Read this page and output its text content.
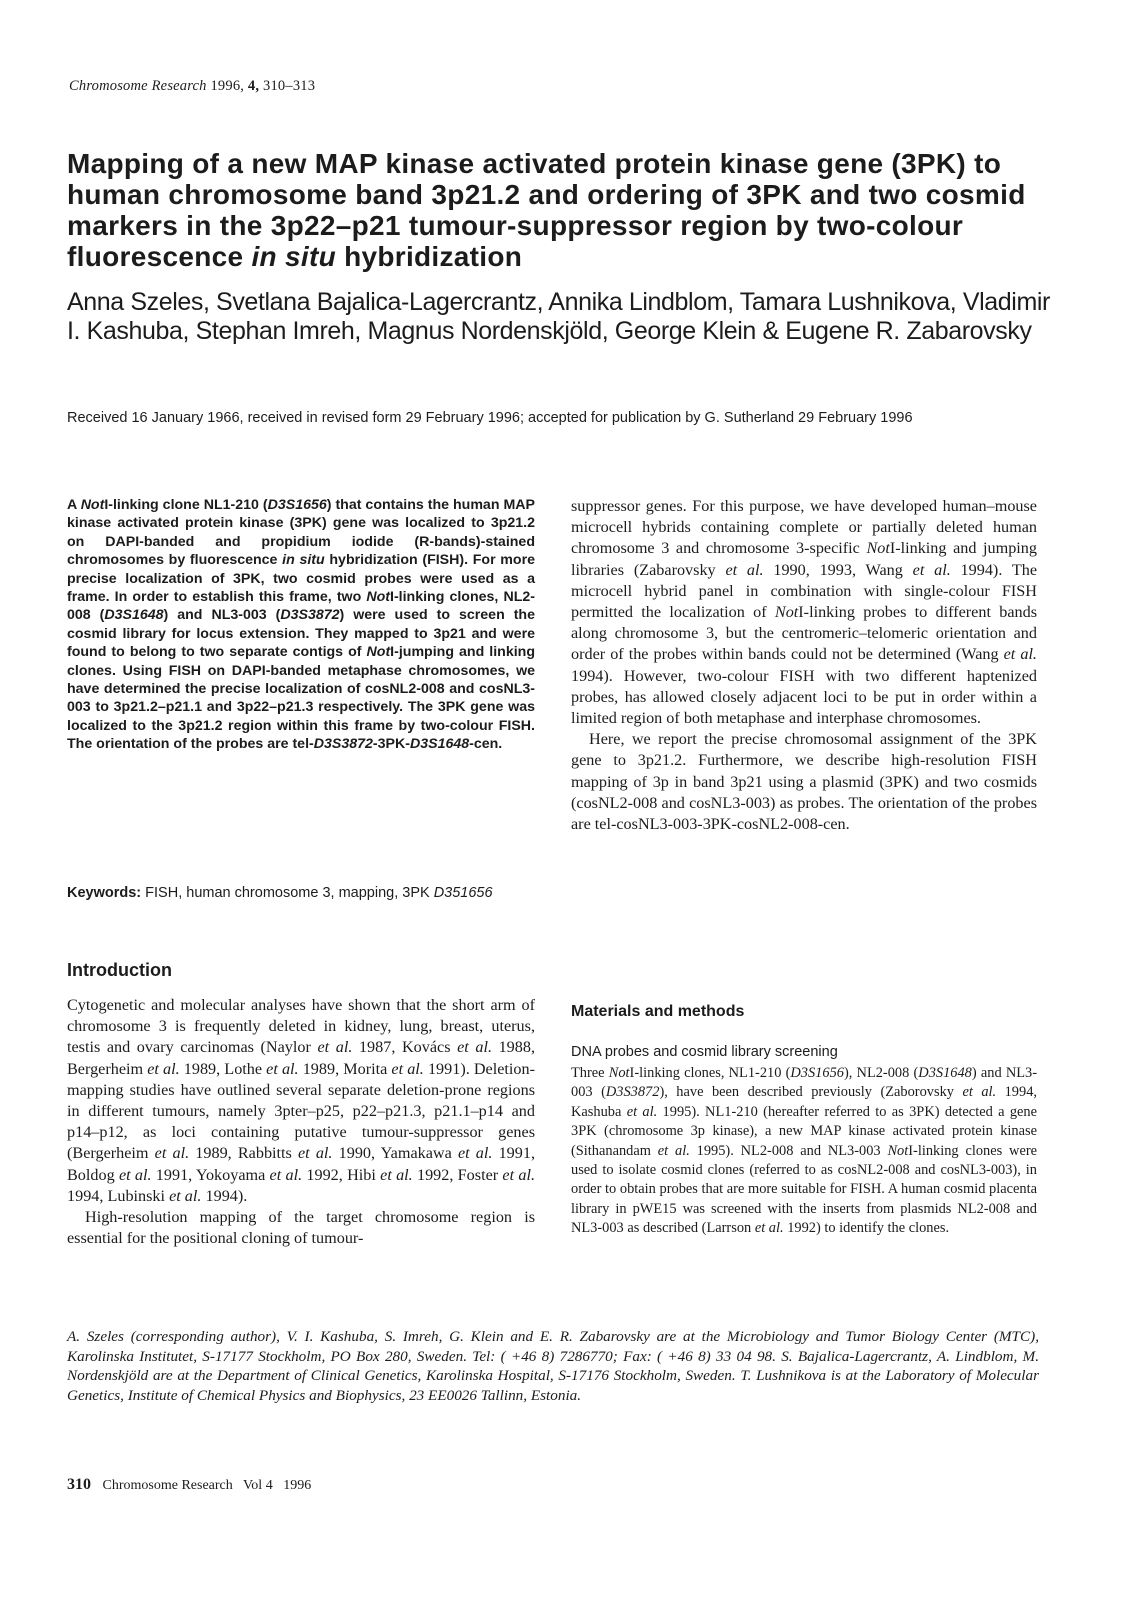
Chromosome Research 1996, 4, 310–313
Mapping of a new MAP kinase activated protein kinase gene (3PK) to human chromosome band 3p21.2 and ordering of 3PK and two cosmid markers in the 3p22–p21 tumour-suppressor region by two-colour fluorescence in situ hybridization
Anna Szeles, Svetlana Bajalica-Lagercrantz, Annika Lindblom, Tamara Lushnikova, Vladimir I. Kashuba, Stephan Imreh, Magnus Nordenskjöld, George Klein & Eugene R. Zabarovsky
Received 16 January 1966, received in revised form 29 February 1996; accepted for publication by G. Sutherland 29 February 1996
A NotI-linking clone NL1-210 (D3S1656) that contains the human MAP kinase activated protein kinase (3PK) gene was localized to 3p21.2 on DAPI-banded and propidium iodide (R-bands)-stained chromosomes by fluorescence in situ hybridization (FISH). For more precise localization of 3PK, two cosmid probes were used as a frame. In order to establish this frame, two NotI-linking clones, NL2-008 (D3S1648) and NL3-003 (D3S3872) were used to screen the cosmid library for locus extension. They mapped to 3p21 and were found to belong to two separate contigs of NotI-jumping and linking clones. Using FISH on DAPI-banded metaphase chromosomes, we have determined the precise localization of cosNL2-008 and cosNL3-003 to 3p21.2–p21.1 and 3p22–p21.3 respectively. The 3PK gene was localized to the 3p21.2 region within this frame by two-colour FISH. The orientation of the probes are tel-D3S3872-3PK-D3S1648-cen.
Keywords: FISH, human chromosome 3, mapping, 3PK D351656
Introduction

Cytogenetic and molecular analyses have shown that the short arm of chromosome 3 is frequently deleted in kidney, lung, breast, uterus, testis and ovary carcinomas (Naylor et al. 1987, Kovács et al. 1988, Bergerheim et al. 1989, Lothe et al. 1989, Morita et al. 1991). Deletion-mapping studies have outlined several separate deletion-prone regions in different tumours, namely 3pter–p25, p22–p21.3, p21.1–p14 and p14–p12, as loci containing putative tumour-suppressor genes (Bergerheim et al. 1989, Rabbitts et al. 1990, Yamakawa et al. 1991, Boldog et al. 1991, Yokoyama et al. 1992, Hibi et al. 1992, Foster et al. 1994, Lubinski et al. 1994).

High-resolution mapping of the target chromosome region is essential for the positional cloning of tumour-

suppressor genes. For this purpose, we have developed human–mouse microcell hybrids containing complete or partially deleted human chromosome 3 and chromosome 3-specific NotI-linking and jumping libraries (Zabarovsky et al. 1990, 1993, Wang et al. 1994). The microcell hybrid panel in combination with single-colour FISH permitted the localization of NotI-linking probes to different bands along chromosome 3, but the centromeric–telomeric orientation and order of the probes within bands could not be determined (Wang et al. 1994). However, two-colour FISH with two different haptenized probes, has allowed closely adjacent loci to be put in order within a limited region of both metaphase and interphase chromosomes.

Here, we report the precise chromosomal assignment of the 3PK gene to 3p21.2. Furthermore, we describe high-resolution FISH mapping of 3p in band 3p21 using a plasmid (3PK) and two cosmids (cosNL2-008 and cosNL3-003) as probes. The orientation of the probes are tel-cosNL3-003-3PK-cosNL2-008-cen.

Materials and methods
DNA probes and cosmid library screening

Three NotI-linking clones, NL1-210 (D3S1656), NL2-008 (D3S1648) and NL3-003 (D3S3872), have been described previously (Zaborovsky et al. 1994, Kashuba et al. 1995). NL1-210 (hereafter referred to as 3PK) detected a gene 3PK (chromosome 3p kinase), a new MAP kinase activated protein kinase (Sithanandam et al. 1995). NL2-008 and NL3-003 NotI-linking clones were used to isolate cosmid clones (referred to as cosNL2-008 and cosNL3-003), in order to obtain probes that are more suitable for FISH. A human cosmid placenta library in pWE15 was screened with the inserts from plasmids NL2-008 and NL3-003 as described (Larrson et al. 1992) to identify the clones.

A. Szeles (corresponding author), V. I. Kashuba, S. Imreh, G. Klein and E. R. Zabarovsky are at the Microbiology and Tumor Biology Center (MTC), Karolinska Institutet, S-17177 Stockholm, PO Box 280, Sweden. Tel: ( +46 8) 7286770; Fax: ( +46 8) 33 04 98. S. Bajalica-Lagercrantz, A. Lindblom, M. Nordenskjöld are at the Department of Clinical Genetics, Karolinska Hospital, S-17176 Stockholm, Sweden. T. Lushnikova is at the Laboratory of Molecular Genetics, Institute of Chemical Physics and Biophysics, 23 EE0026 Tallinn, Estonia.

310 Chromosome Research   Vol 4   1996
